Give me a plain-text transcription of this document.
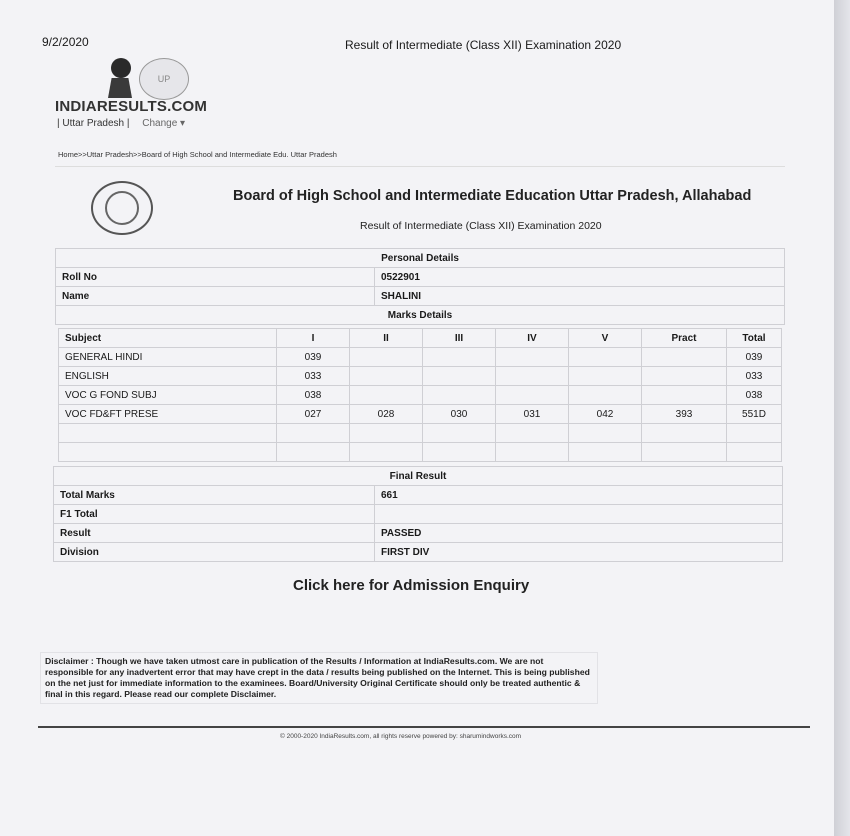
9/2/2020	Result of Intermediate (Class XII) Examination 2020
UP
INDIARESULTS.COM
| Uttar Pradesh | Change ▾
Home>>Uttar Pradesh>>Board of High School and Intermediate Edu. Uttar Pradesh
Board of High School and Intermediate Education Uttar Pradesh, Allahabad
Result of Intermediate (Class XII) Examination 2020
Personal Details	
Roll No	0522901
Name	SHALINI
Marks Details	
Subject	I	II	III	IV	V	Pract	Total
GENERAL HINDI	039						039
ENGLISH	033						033
VOC G FOND SUBJ	038						038
VOC FD&FT PRESE	027	028	030	031	042	393	551D

Final Result	
Total Marks	661
F1 Total	
Result	PASSED
Division	FIRST DIV
Click here for Admission Enquiry
Disclaimer : Though we have taken utmost care in publication of the Results / Information at IndiaResults.com. We are not responsible for any inadvertent error that may have crept in the data / results being published on the Internet. This is being published on the net just for immediate information to the examinees. Board/University Original Certificate should only be treated authentic & final in this regard. Please read our complete Disclaimer.
© 2000-2020 IndiaResults.com, all rights reserve powered by: sharumindworks.com
